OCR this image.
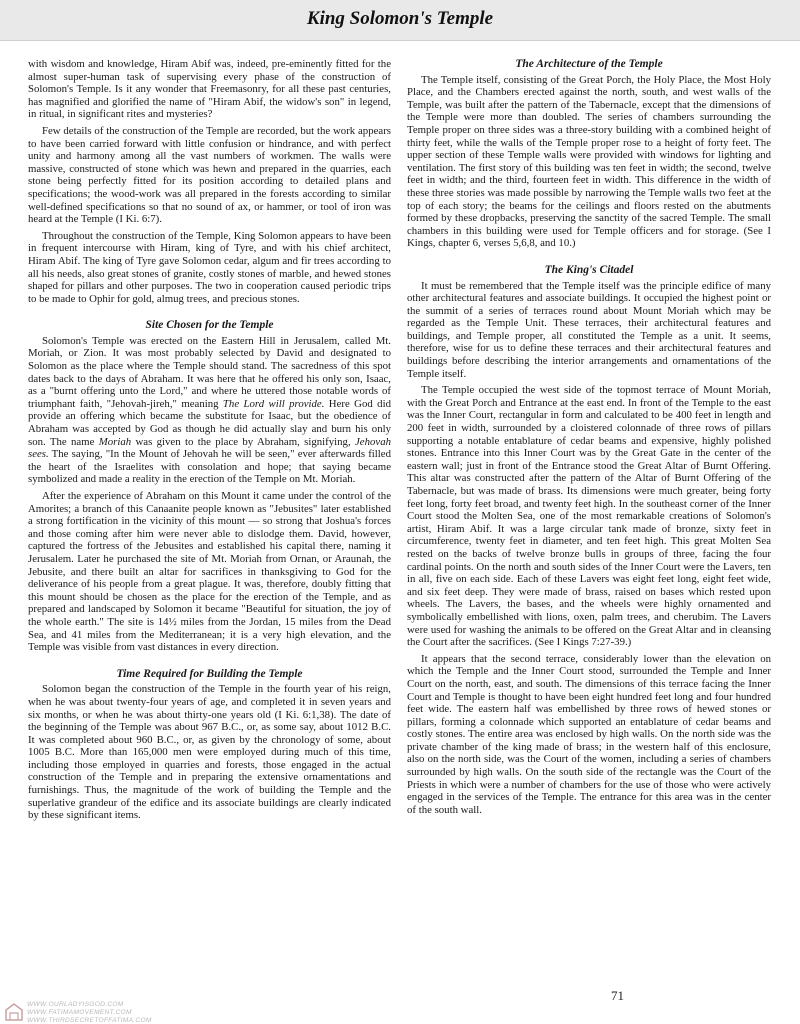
King Solomon's Temple

with wisdom and knowledge, Hiram Abif was, indeed, pre-eminently fitted for the almost super-human task of supervising every phase of the construction of Solomon's Temple. Is it any wonder that Freemasonry, for all these past centuries, has magnified and glorified the name of "Hiram Abif, the widow's son" in legend, in ritual, in significant rites and mysteries?

Few details of the construction of the Temple are recorded, but the work appears to have been carried forward with little confusion or hindrance, and with perfect unity and harmony among all the vast numbers of workmen. The walls were massive, constructed of stone which was hewn and prepared in the quarries, each stone being perfectly fitted for its position according to detailed plans and specifications; the wood-work was all prepared in the forests according to similar well-defined specifications so that no sound of ax, or hammer, or tool of iron was heard at the Temple (I Ki. 6:7).

Throughout the construction of the Temple, King Solomon appears to have been in frequent intercourse with Hiram, king of Tyre, and with his chief architect, Hiram Abif. The king of Tyre gave Solomon cedar, algum and fir trees according to all his needs, also great stones of granite, costly stones of marble, and hewed stones shaped for pillars and other purposes. The two in cooperation caused periodic trips to be made to Ophir for gold, almug trees, and precious stones.

Site Chosen for the Temple

Solomon's Temple was erected on the Eastern Hill in Jerusalem, called Mt. Moriah, or Zion. It was most probably selected by David and designated to Solomon as the place where the Temple should stand. The sacredness of this spot dates back to the days of Abraham. It was here that he offered his only son, Isaac, as a "burnt offering unto the Lord," and where he uttered those notable words of triumphant faith, "Jehovah-jireh," meaning The Lord will provide. Here God did provide an offering which became the substitute for Isaac, but the obedience of Abraham was accepted by God as though he did actually slay and burn his only son. The name Moriah was given to the place by Abraham, signifying, Jehovah sees. The saying, "In the Mount of Jehovah he will be seen," ever afterwards filled the heart of the Israelites with consolation and hope; that saying became symbolized and made a reality in the erection of the Temple on Mt. Moriah.

After the experience of Abraham on this Mount it came under the control of the Amorites; a branch of this Canaanite people known as "Jebusites" later established a strong fortification in the vicinity of this mount — so strong that Joshua's forces and those coming after him were never able to dislodge them. David, however, captured the fortress of the Jebusites and established his capital there, naming it Jerusalem. Later he purchased the site of Mt. Moriah from Ornan, or Araunah, the Jebusite, and there built an altar for sacrifices in thanksgiving to God for the deliverance of his people from a great plague. It was, therefore, doubly fitting that this mount should be chosen as the place for the erection of the Temple, and as prepared and landscaped by Solomon it became "Beautiful for situation, the joy of the whole earth." The site is 14½ miles from the Jordan, 15 miles from the Dead Sea, and 41 miles from the Mediterranean; it is a very high elevation, and the Temple was visible from vast distances in every direction.

Time Required for Building the Temple

Solomon began the construction of the Temple in the fourth year of his reign, when he was about twenty-four years of age, and completed it in seven years and six months, or when he was about thirty-one years old (I Ki. 6:1,38). The date of the beginning of the Temple was about 967 B.C., or, as some say, about 1012 B.C. It was completed about 960 B.C., or, as given by the chronology of some, about 1005 B.C. More than 165,000 men were employed during much of this time, including those employed in quarries and forests, those engaged in the actual construction of the Temple and in preparing the extensive ornamentations and furnishings. Thus, the magnitude of the work of building the Temple and the superlative grandeur of the edifice and its associate buildings are clearly indicated by these significant items.

The Architecture of the Temple

The Temple itself, consisting of the Great Porch, the Holy Place, the Most Holy Place, and the Chambers erected against the north, south, and west walls of the Temple, was built after the pattern of the Tabernacle, except that the dimensions of the Temple were more than doubled. The series of chambers surrounding the Temple proper on three sides was a three-story building with a combined height of thirty feet, while the walls of the Temple proper rose to a height of forty feet. The upper section of these Temple walls were provided with windows for lighting and ventilation. The first story of this building was ten feet in width; the second, twelve feet in width; and the third, fourteen feet in width. This difference in the width of these three stories was made possible by narrowing the Temple walls two feet at the top of each story; the beams for the ceilings and floors rested on the abutments formed by these dropbacks, preserving the sanctity of the sacred Temple. The small chambers in this building were used for Temple officers and for storage. (See I Kings, chapter 6, verses 5,6,8, and 10.)

The King's Citadel

It must be remembered that the Temple itself was the principle edifice of many other architectural features and associate buildings. It occupied the highest point or the summit of a series of terraces round about Mount Moriah which may be regarded as the Temple Unit. These terraces, their architectural features and buildings, and Temple proper, all constituted the Temple as a unit. It seems, therefore, wise for us to define these terraces and their architectural features and buildings before describing the interior arrangements and ornamentations of the Temple itself.

The Temple occupied the west side of the topmost terrace of Mount Moriah, with the Great Porch and Entrance at the east end. In front of the Temple to the east was the Inner Court, rectangular in form and calculated to be 400 feet in length and 200 feet in width, surrounded by a cloistered colonnade of three rows of pillars supporting a notable entablature of cedar beams and expensive, highly polished stones. Entrance into this Inner Court was by the Great Gate in the center of the eastern wall; just in front of the Entrance stood the Great Altar of Burnt Offering. This altar was constructed after the pattern of the Altar of Burnt Offering of the Tabernacle, but was made of brass. Its dimensions were much greater, being forty feet long, forty feet broad, and twenty feet high. In the southeast corner of the Inner Court stood the Molten Sea, one of the most remarkable creations of Solomon's artist, Hiram Abif. It was a large circular tank made of bronze, sixty feet in circumference, twenty feet in diameter, and ten feet high. This great Molten Sea rested on the backs of twelve bronze bulls in groups of three, facing the four cardinal points. On the north and south sides of the Inner Court were the Lavers, ten in all, five on each side. Each of these Lavers was eight feet long, eight feet wide, and six feet deep. They were made of brass, raised on bases which rested upon wheels. The Lavers, the bases, and the wheels were highly ornamented and symbolically embellished with lions, oxen, palm trees, and cherubim. The Lavers were used for washing the animals to be offered on the Great Altar and in cleansing the Court after the sacrifices. (See I Kings 7:27-39.)

It appears that the second terrace, considerably lower than the elevation on which the Temple and the Inner Court stood, surrounded the Temple and Inner Court on the north, east, and south. The dimensions of this terrace facing the Inner Court and Temple is thought to have been eight hundred feet long and four hundred feet wide. The eastern half was embellished by three rows of hewed stones or pillars, forming a colonnade which supported an entablature of cedar beams and costly stones. The entire area was enclosed by high walls. On the north side was the private chamber of the king made of brass; in the western half of this enclosure, also on the north side, was the Court of the women, including a series of chambers surrounded by high walls. On the south side of the rectangle was the Court of the Priests in which were a number of chambers for the use of those who were actively engaged in the services of the Temple. The entrance for this area was in the center of the south wall.

71
WWW.OURLADYISGOD.COM
WWW.FATIMAMOVEMENT.COM
WWW.THIRDSECRETOFFATIMA.COM
